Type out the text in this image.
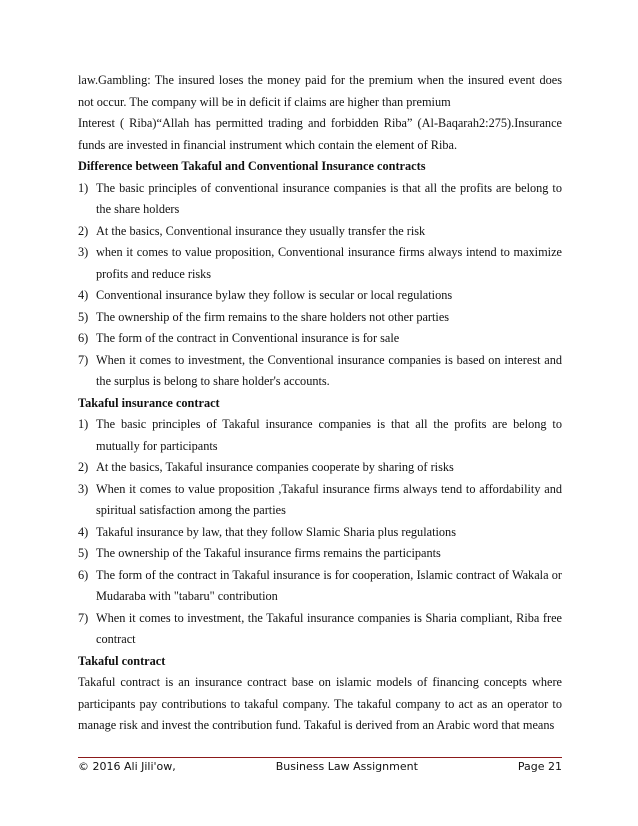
law.Gambling: The insured loses the money paid for the premium when the insured event does not occur. The company will be in deficit if claims are higher than premium

Interest ( Riba)“Allah has permitted trading and forbidden Riba” (Al-Baqarah2:275).Insurance funds are invested in financial instrument which contain the element of Riba.

Difference between Takaful and Conventional Insurance contracts

1) The basic principles of conventional insurance companies is that all the profits are belong to the share holders
2) At the basics, Conventional insurance they usually transfer the risk
3) when it comes to value proposition, Conventional insurance firms always intend to maximize profits and reduce risks
4) Conventional insurance bylaw they follow is secular or local regulations
5) The ownership of the firm remains to the share holders not other parties
6) The form of the contract in Conventional insurance is for sale
7) When it comes to investment, the Conventional insurance companies is based on interest and the surplus is belong to share holder's accounts.

Takaful insurance contract

1) The basic principles of Takaful insurance companies is that all the profits are belong to mutually for participants
2) At the basics, Takaful insurance companies cooperate by sharing of risks
3) When it comes to value proposition ,Takaful insurance firms always tend to affordability and spiritual satisfaction among the parties
4) Takaful insurance by law, that they follow Slamic Sharia plus regulations
5) The ownership of the Takaful insurance firms remains the participants
6) The form of the contract in Takaful insurance is for cooperation, Islamic contract of Wakala or Mudaraba with "tabaru" contribution
7) When it comes to investment, the Takaful insurance companies is Sharia compliant, Riba free contract

Takaful contract

Takaful contract is an insurance contract base on islamic models of financing concepts where participants pay contributions to takaful company. The takaful company to act as an operator to manage risk and invest the contribution fund. Takaful is derived from an Arabic word that means

© 2016 Ali Jili'ow,	Business Law Assignment	Page 21
